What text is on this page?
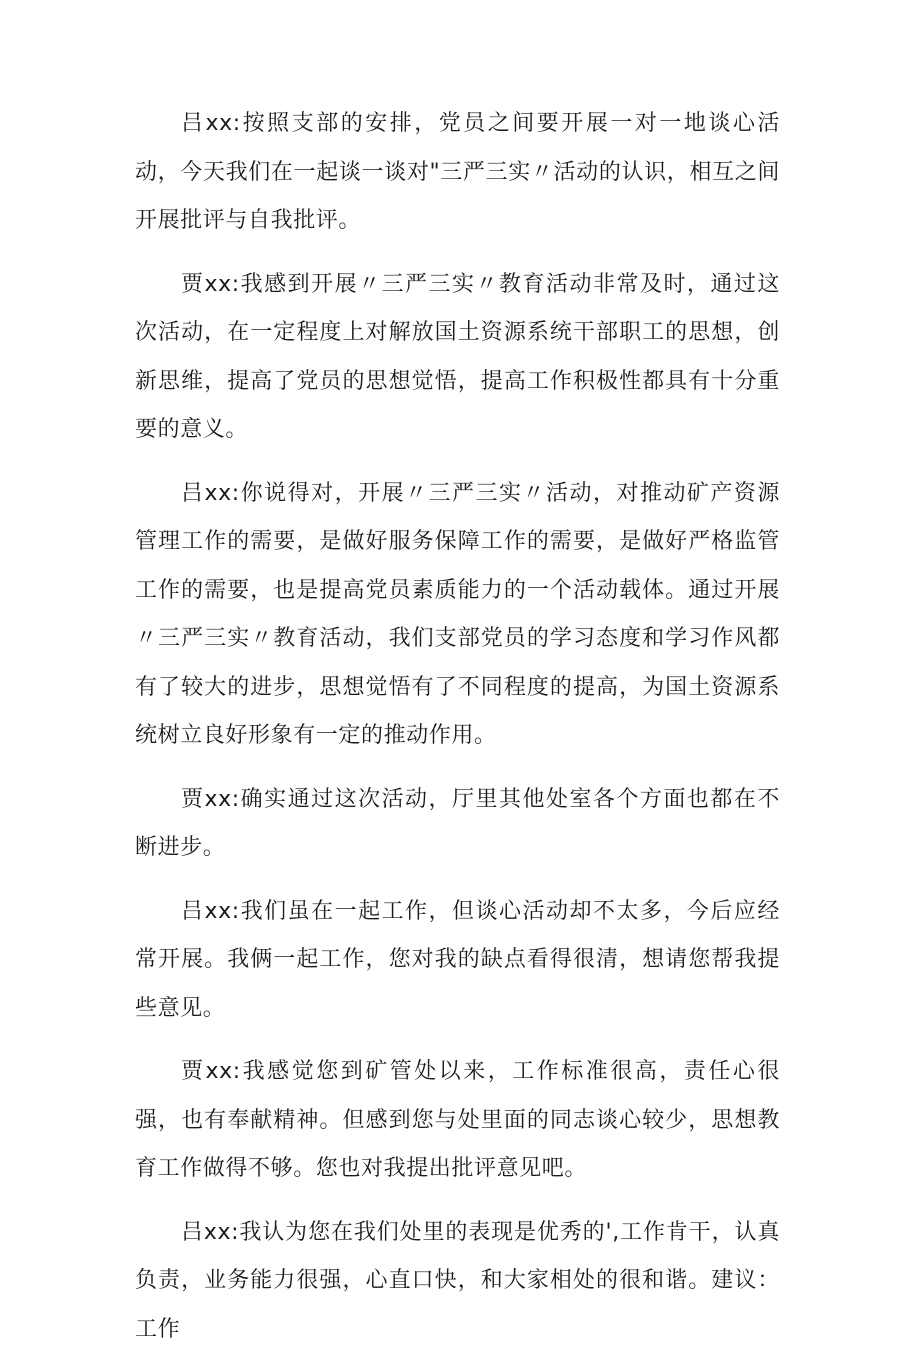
吕xx:按照支部的安排，党员之间要开展一对一地谈心活动，今天我们在一起谈一谈对"三严三实〃活动的认识，相互之间开展批评与自我批评。

贾xx:我感到开展〃三严三实〃教育活动非常及时，通过这次活动，在一定程度上对解放国土资源系统干部职工的思想，创新思维，提高了党员的思想觉悟，提高工作积极性都具有十分重要的意义。

吕xx:你说得对，开展〃三严三实〃活动，对推动矿产资源管理工作的需要，是做好服务保障工作的需要，是做好严格监管工作的需要，也是提高党员素质能力的一个活动载体。通过开展〃三严三实〃教育活动，我们支部党员的学习态度和学习作风都有了较大的进步，思想觉悟有了不同程度的提高，为国土资源系统树立良好形象有一定的推动作用。

贾xx:确实通过这次活动，厅里其他处室各个方面也都在不断进步。

吕xx:我们虽在一起工作，但谈心活动却不太多，今后应经常开展。我俩一起工作，您对我的缺点看得很清，想请您帮我提些意见。

贾xx:我感觉您到矿管处以来，工作标准很高，责任心很强，也有奉献精神。但感到您与处里面的同志谈心较少，思想教育工作做得不够。您也对我提出批评意见吧。

吕xx:我认为您在我们处里的表现是优秀的',工作肯干，认真负责，业务能力很强，心直口快，和大家相处的很和谐。建议：工作
